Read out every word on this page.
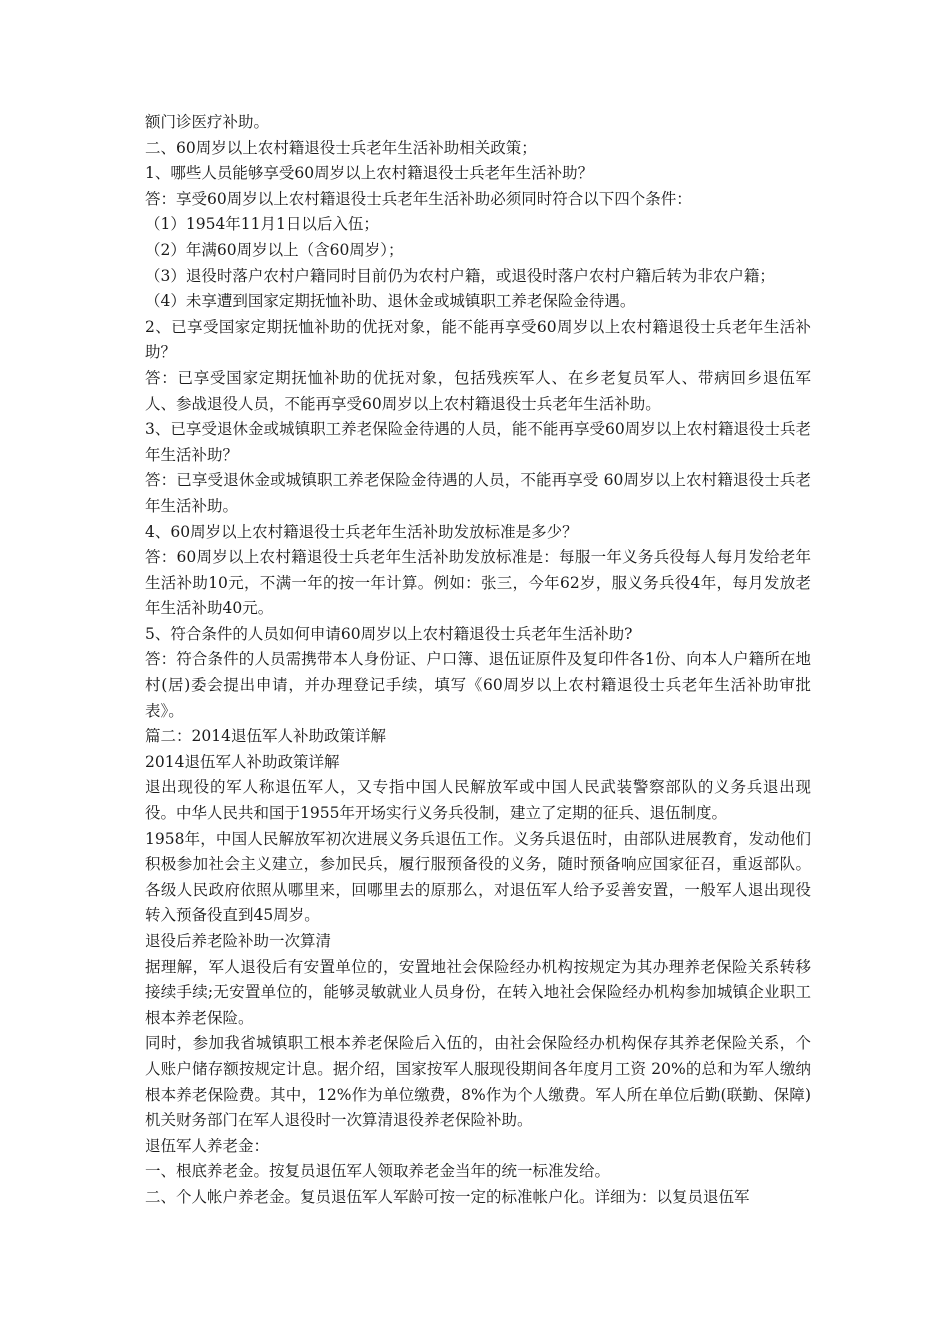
额门诊医疗补助。

二、60周岁以上农村籍退役士兵老年生活补助相关政策；

1、哪些人员能够享受60周岁以上农村籍退役士兵老年生活补助？

答：享受60周岁以上农村籍退役士兵老年生活补助必须同时符合以下四个条件：

（1）1954年11月1日以后入伍；

（2）年满60周岁以上（含60周岁）；

（3）退役时落户农村户籍同时目前仍为农村户籍，或退役时落户农村户籍后转为非农户籍；

（4）未享遭到国家定期抚恤补助、退休金或城镇职工养老保险金待遇。

2、已享受国家定期抚恤补助的优抚对象，能不能再享受60周岁以上农村籍退役士兵老年生活补助？

答：已享受国家定期抚恤补助的优抚对象，包括残疾军人、在乡老复员军人、带病回乡退伍军人、参战退役人员，不能再享受60周岁以上农村籍退役士兵老年生活补助。

3、已享受退休金或城镇职工养老保险金待遇的人员，能不能再享受60周岁以上农村籍退役士兵老年生活补助？

答：已享受退休金或城镇职工养老保险金待遇的人员，不能再享受 60周岁以上农村籍退役士兵老年生活补助。

4、60周岁以上农村籍退役士兵老年生活补助发放标准是多少？

答：60周岁以上农村籍退役士兵老年生活补助发放标准是：每服一年义务兵役每人每月发给老年生活补助10元，不满一年的按一年计算。例如：张三，今年62岁，服义务兵役4年，每月发放老年生活补助40元。

5、符合条件的人员如何申请60周岁以上农村籍退役士兵老年生活补助?

答：符合条件的人员需携带本人身份证、户口簿、退伍证原件及复印件各1份、向本人户籍所在地村(居)委会提出申请，并办理登记手续，填写《60周岁以上农村籍退役士兵老年生活补助审批表》。

篇二：2014退伍军人补助政策详解

2014退伍军人补助政策详解

退出现役的军人称退伍军人，又专指中国人民解放军或中国人民武装警察部队的义务兵退出现役。中华人民共和国于1955年开场实行义务兵役制，建立了定期的征兵、退伍制度。

1958年，中国人民解放军初次进展义务兵退伍工作。义务兵退伍时，由部队进展教育，发动他们积极参加社会主义建立，参加民兵，履行服预备役的义务，随时预备响应国家征召，重返部队。各级人民政府依照从哪里来，回哪里去的原那么，对退伍军人给予妥善安置，一般军人退出现役转入预备役直到45周岁。

退役后养老险补助一次算清

据理解，军人退役后有安置单位的，安置地社会保险经办机构按规定为其办理养老保险关系转移接续手续;无安置单位的，能够灵敏就业人员身份，在转入地社会保险经办机构参加城镇企业职工根本养老保险。

同时，参加我省城镇职工根本养老保险后入伍的，由社会保险经办机构保存其养老保险关系，个人账户储存额按规定计息。据介绍，国家按军人服现役期间各年度月工资 20%的总和为军人缴纳根本养老保险费。其中，12%作为单位缴费，8%作为个人缴费。军人所在单位后勤(联勤、保障)机关财务部门在军人退役时一次算清退役养老保险补助。

退伍军人养老金：

一、根底养老金。按复员退伍军人领取养老金当年的统一标准发给。

二、个人帐户养老金。复员退伍军人军龄可按一定的标准帐户化。详细为：以复员退伍军
